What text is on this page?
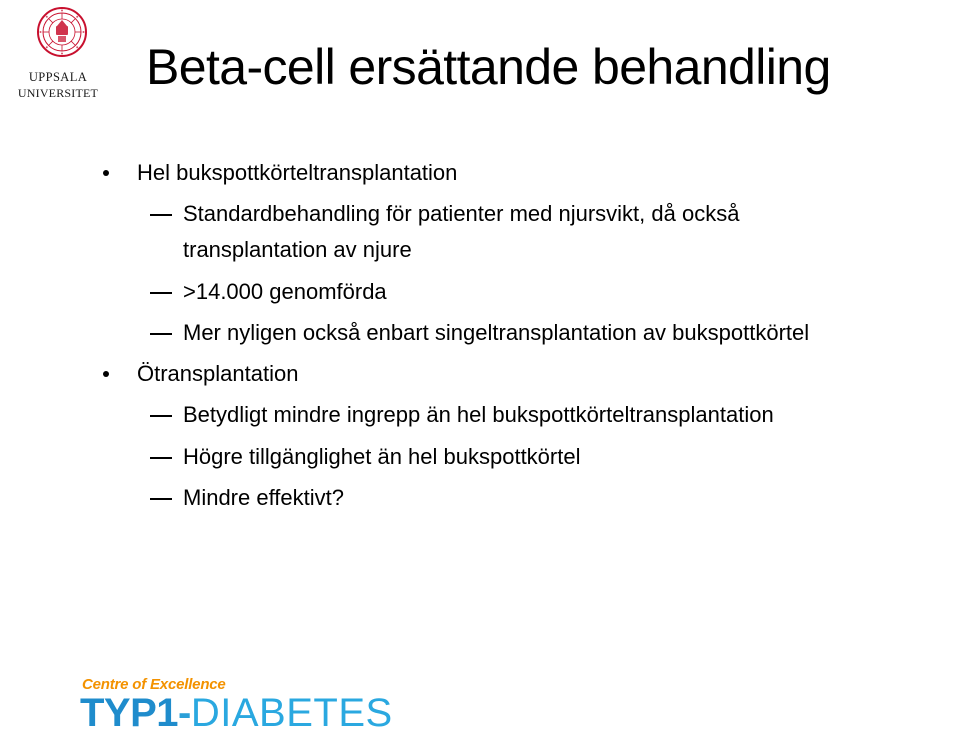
UPPSALA
UNIVERSITET Beta-cell ersättande behandling
Hel bukspottkörteltransplantation
Standardbehandling för patienter med njursvikt, då också
transplantation av njure
>14.000 genomförda
Mer nyligen också enbart singeltransplantation av bukspottkörtel
Ötransplantation
Betydligt mindre ingrepp än hel bukspottkörteltransplantation
Högre tillgänglighet än hel bukspottkörtel
Mindre effektivt?
Centre of Excellence
TYP1-DIABETES
